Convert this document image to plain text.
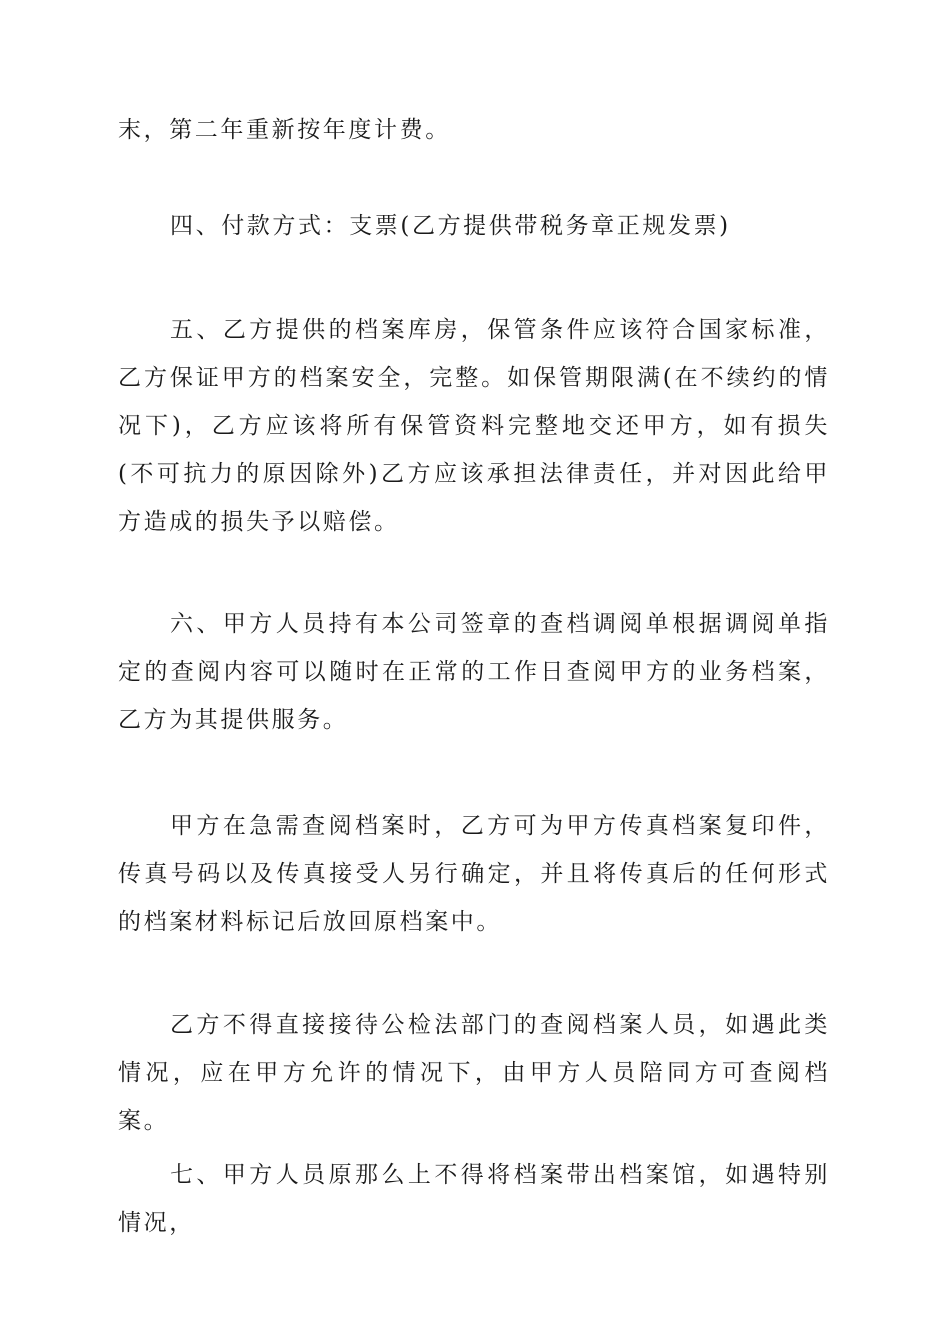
末，第二年重新按年度计费。

四、付款方式：支票(乙方提供带税务章正规发票)

五、乙方提供的档案库房，保管条件应该符合国家标准，乙方保证甲方的档案安全，完整。如保管期限满(在不续约的情况下)，乙方应该将所有保管资料完整地交还甲方，如有损失(不可抗力的原因除外)乙方应该承担法律责任，并对因此给甲方造成的损失予以赔偿。

六、甲方人员持有本公司签章的查档调阅单根据调阅单指定的查阅内容可以随时在正常的工作日查阅甲方的业务档案，乙方为其提供服务。

甲方在急需查阅档案时，乙方可为甲方传真档案复印件，传真号码以及传真接受人另行确定，并且将传真后的任何形式的档案材料标记后放回原档案中。

乙方不得直接接待公检法部门的查阅档案人员，如遇此类情况，应在甲方允许的情况下，由甲方人员陪同方可查阅档案。

七、甲方人员原那么上不得将档案带出档案馆，如遇特别情况，
